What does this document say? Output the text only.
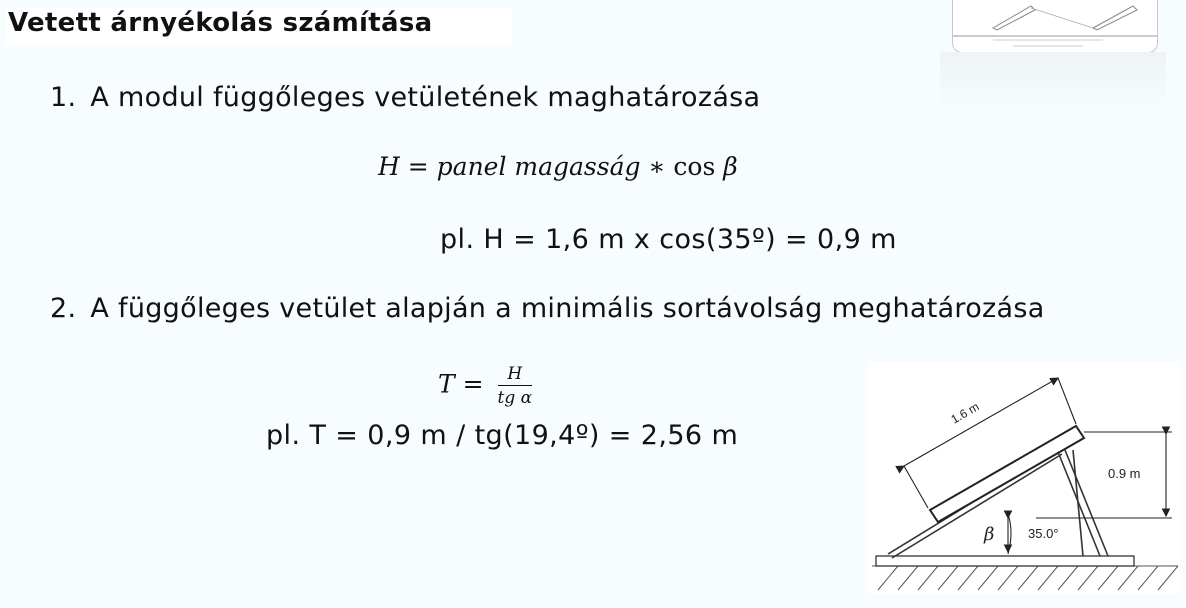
Vetett árnyékolás számítása
1. A modul függőleges vetületének maghatározása
H = panel magasság ∗ cos β
pl. H = 1,6 m x cos(35º) = 0,9 m
2. A függőleges vetület alapján a minimális sortávolság meghatározása
$T = \frac{H}{\text{tg α}}$
pl. T = 0,9 m / tg(19,4º) = 2,56 m
1.6 m
0.9 m
β	35.0°
